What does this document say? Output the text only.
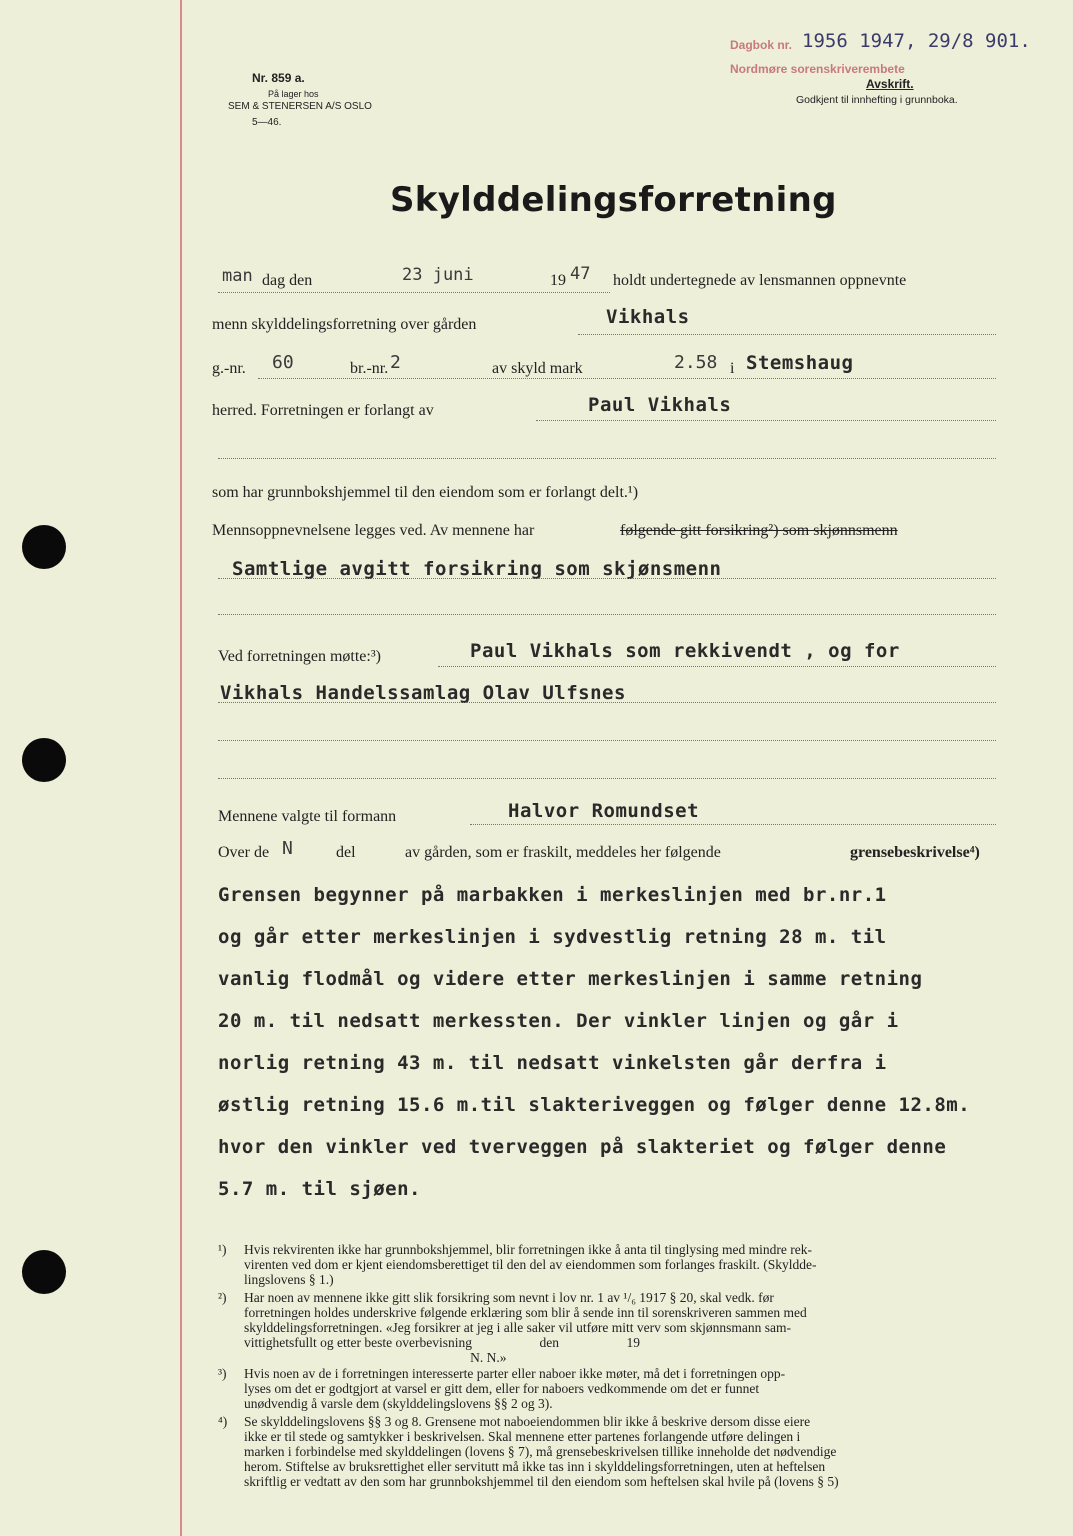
Nr. 859 a.
På lager hos
SEM & STENERSEN A/S OSLO
5—46.
Dagbok nr. 1956 1947, 29/8 901.
Nordmøre sorenskriverembete
Avskrift.
Godkjent til innhefting i grunnboka.
Skylddelingsforretning
man dag den	23 juni	19 47 holdt undertegnede av lensmannen oppnevnte
menn skylddelingsforretning over gården	Vikhals
g.-nr. 60	br.-nr. 2	av skyld mark	2.58 i Stemshaug
herred. Forretningen er forlangt av	Paul Vikhals
som har grunnbokshjemmel til den eiendom som er forlangt delt.¹)
Mennsoppnevnelsene legges ved. Av mennene har	følgende gitt forsikring²) som skjønnsmenn
Samtlige avgitt forsikring som skjønsmenn
Ved forretningen møtte:³)	Paul Vikhals som rekkivendt , og for
Vikhals Handelssamlag Olav Ulfsnes
Mennene valgte til formann	Halvor Romundset
Over de N	del	av gården, som er fraskilt, meddeles her følgende	grensebeskrivelse⁴)
Grensen begynner på marbakken i merkeslinjen med br.nr.1
og går etter merkeslinjen i sydvestlig retning 28 m. til
vanlig flodmål og videre etter merkeslinjen i samme retning
20 m. til nedsatt merkessten. Der vinkler linjen og går i
norlig retning 43 m. til nedsatt vinkelsten går derfra i
østlig retning 15.6 m.til slakteriveggen og følger denne 12.8m.
hvor den vinkler ved tverveggen på slakteriet og følger denne
5.7 m. til sjøen.
¹) Hvis rekvirenten ikke har grunnbokshjemmel, blir forretningen ikke å anta til tinglysing med mindre rek-
virenten ved dom er kjent eiendomsberettiget til den del av eiendommen som forlanges fraskilt. (Skyldde-
lingslovens § 1.)
²) Har noen av mennene ikke gitt slik forsikring som nevnt i lov nr. 1 av ¹/₆ 1917 § 20, skal vedk. før
forretningen holdes underskrive følgende erklæring som blir å sende inn til sorenskriveren sammen med
skylddelingsforretningen. «Jeg forsikrer at jeg i alle saker vil utføre mitt verv som skjønnsmann sam-
vittighetsfullt og etter beste overbevisning                    den                    19
N. N.»
³) Hvis noen av de i forretningen interesserte parter eller naboer ikke møter, må det i forretningen opp-
lyses om det er godtgjort at varsel er gitt dem, eller for naboers vedkommende om det er funnet
unødvendig å varsle dem (skylddelingslovens §§ 2 og 3).
⁴) Se skylddelingslovens §§ 3 og 8. Grensene mot naboeiendommen blir ikke å beskrive dersom disse eiere
ikke er til stede og samtykker i beskrivelsen. Skal mennene etter partenes forlangende utføre delingen i
marken i forbindelse med skylddelingen (lovens § 7), må grensebeskrivelsen tillike inneholde det nødvendige
herom. Stiftelse av bruksrettighet eller servitutt må ikke tas inn i skylddelingsforretningen, uten at heftelsen
skriftlig er vedtatt av den som har grunnbokshjemmel til den eiendom som heftelsen skal hvile på (lovens § 5)
